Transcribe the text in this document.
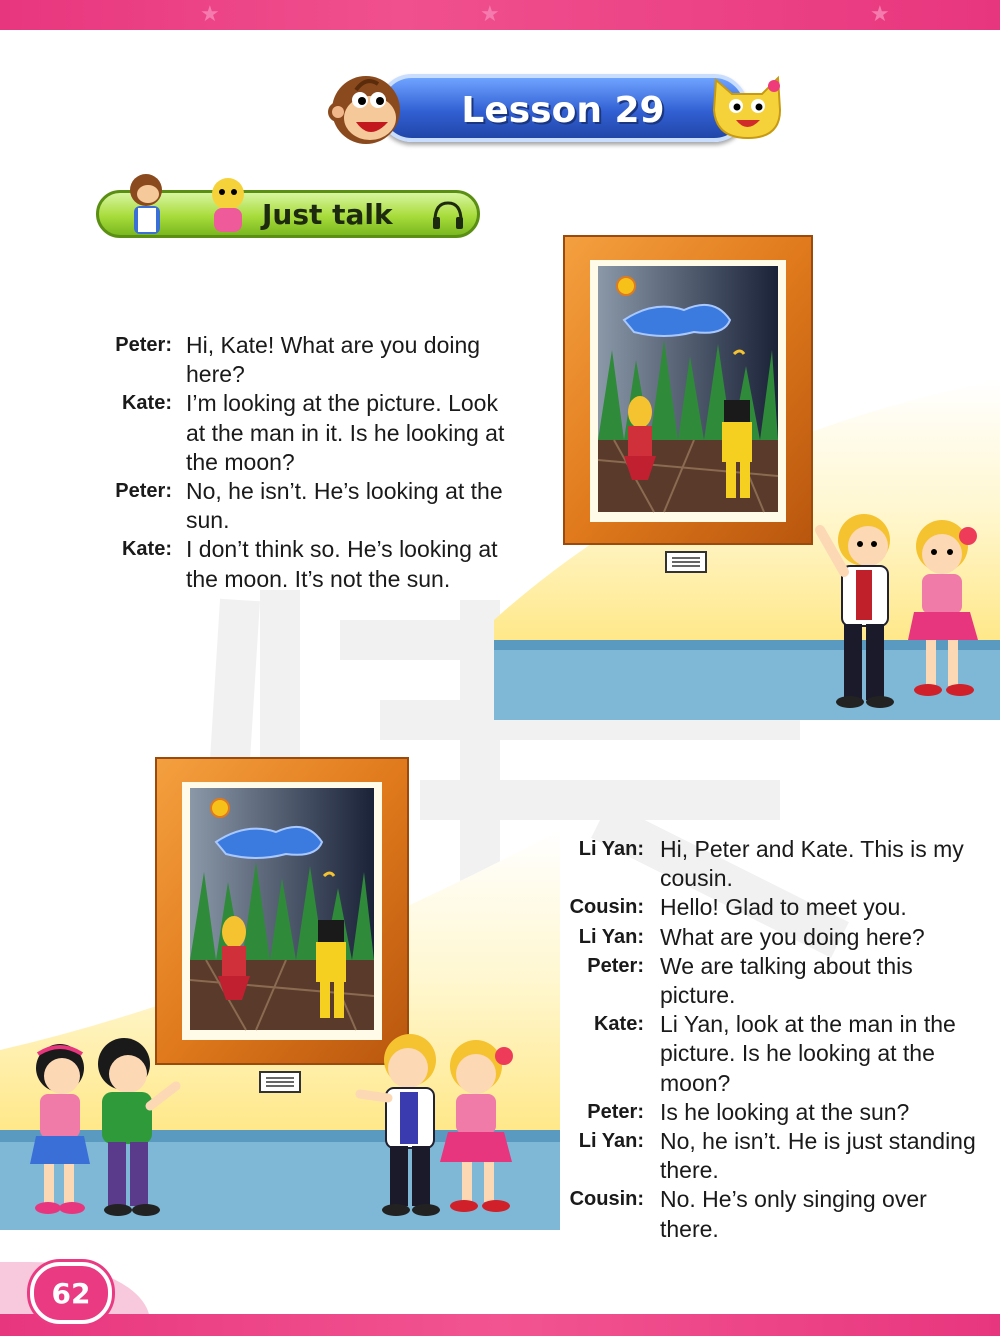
★	★	★
Lesson 29
Just talk
Peter: Hi, Kate! What are you doing here?
Kate: I’m looking at the picture. Look at the man in it. Is he looking at the moon?
Peter: No, he isn’t. He’s looking at the sun.
Kate: I don’t think so. He’s looking at the moon. It’s not the sun.
Li Yan: Hi, Peter and Kate. This is my cousin.
Cousin: Hello! Glad to meet you.
Li Yan: What are you doing here?
Peter: We are talking about this picture.
Kate: Li Yan, look at the man in the picture. Is he looking at the moon?
Peter: Is he looking at the sun?
Li Yan: No, he isn’t. He is just standing there.
Cousin: No. He’s only singing over there.
62
